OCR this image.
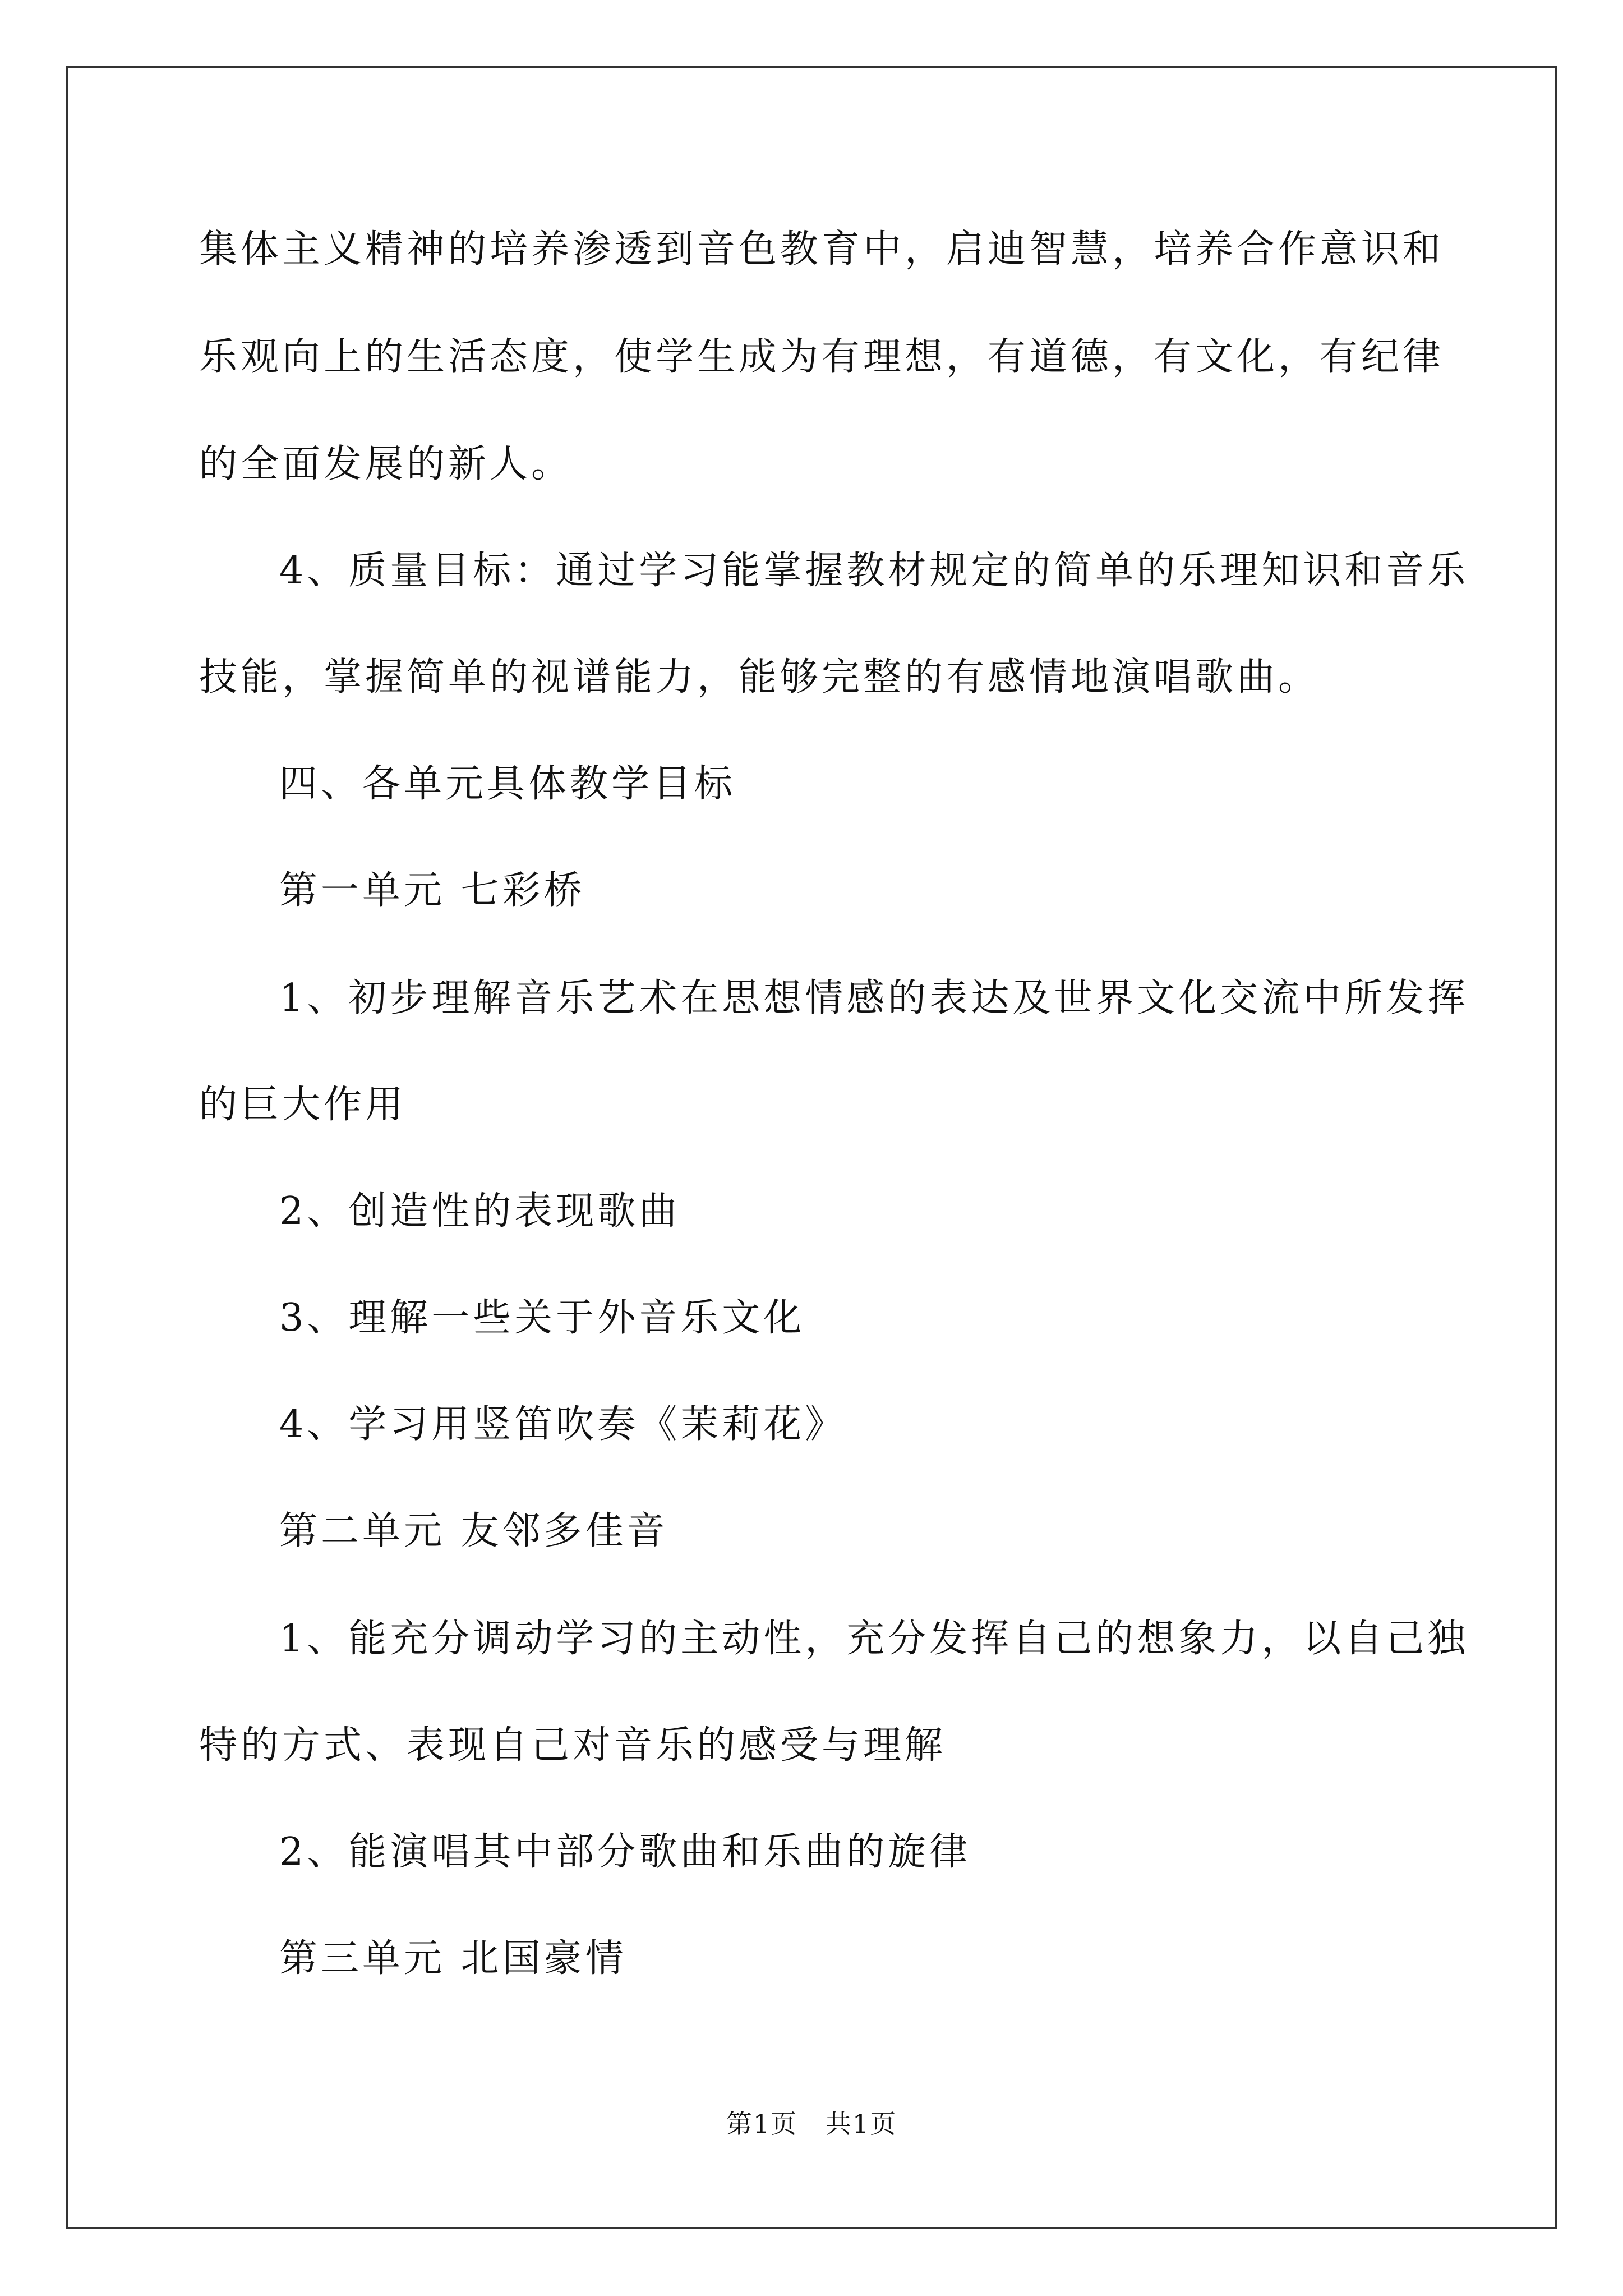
集体主义精神的培养渗透到音色教育中，启迪智慧，培养合作意识和
乐观向上的生活态度，使学生成为有理想，有道德，有文化，有纪律
的全面发展的新人。
4、质量目标：通过学习能掌握教材规定的简单的乐理知识和音乐
技能，掌握简单的视谱能力，能够完整的有感情地演唱歌曲。
四、各单元具体教学目标
第一单元 七彩桥
1、初步理解音乐艺术在思想情感的表达及世界文化交流中所发挥
的巨大作用
2、创造性的表现歌曲
3、理解一些关于外音乐文化
4、学习用竖笛吹奏《茉莉花》
第二单元 友邻多佳音
1、能充分调动学习的主动性，充分发挥自己的想象力，以自己独
特的方式、表现自己对音乐的感受与理解
2、能演唱其中部分歌曲和乐曲的旋律
第三单元 北国豪情
第1页   共1页
